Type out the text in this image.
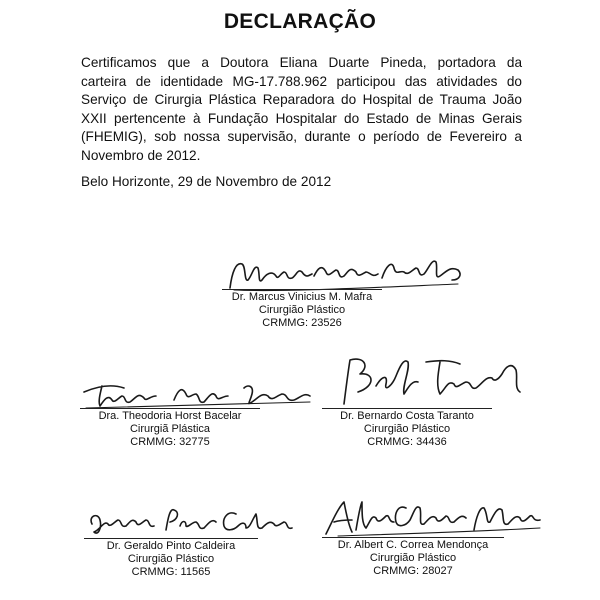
DECLARAÇÃO
Certificamos que a Doutora Eliana Duarte Pineda, portadora da
carteira de identidade MG-17.788.962 participou das atividades do
Serviço de Cirurgia Plástica Reparadora do Hospital de Trauma João
XXII pertencente à Fundação Hospitalar do Estado de Minas Gerais
(FHEMIG), sob nossa supervisão, durante o período de Fevereiro a
Novembro de 2012.
Belo Horizonte, 29 de Novembro de 2012
Dr. Marcus Vinicius M. Mafra
Cirurgião Plástico
CRMMG: 23526
Dra. Theodoria Horst Bacelar
Cirurgiã Plástica
CRMMG: 32775
Dr. Bernardo Costa Taranto
Cirurgião Plástico
CRMMG: 34436
Dr. Geraldo Pinto Caldeira
Cirurgião Plástico
CRMMG: 11565
Dr. Albert C. Correa Mendonça
Cirurgião Plástico
CRMMG: 28027
